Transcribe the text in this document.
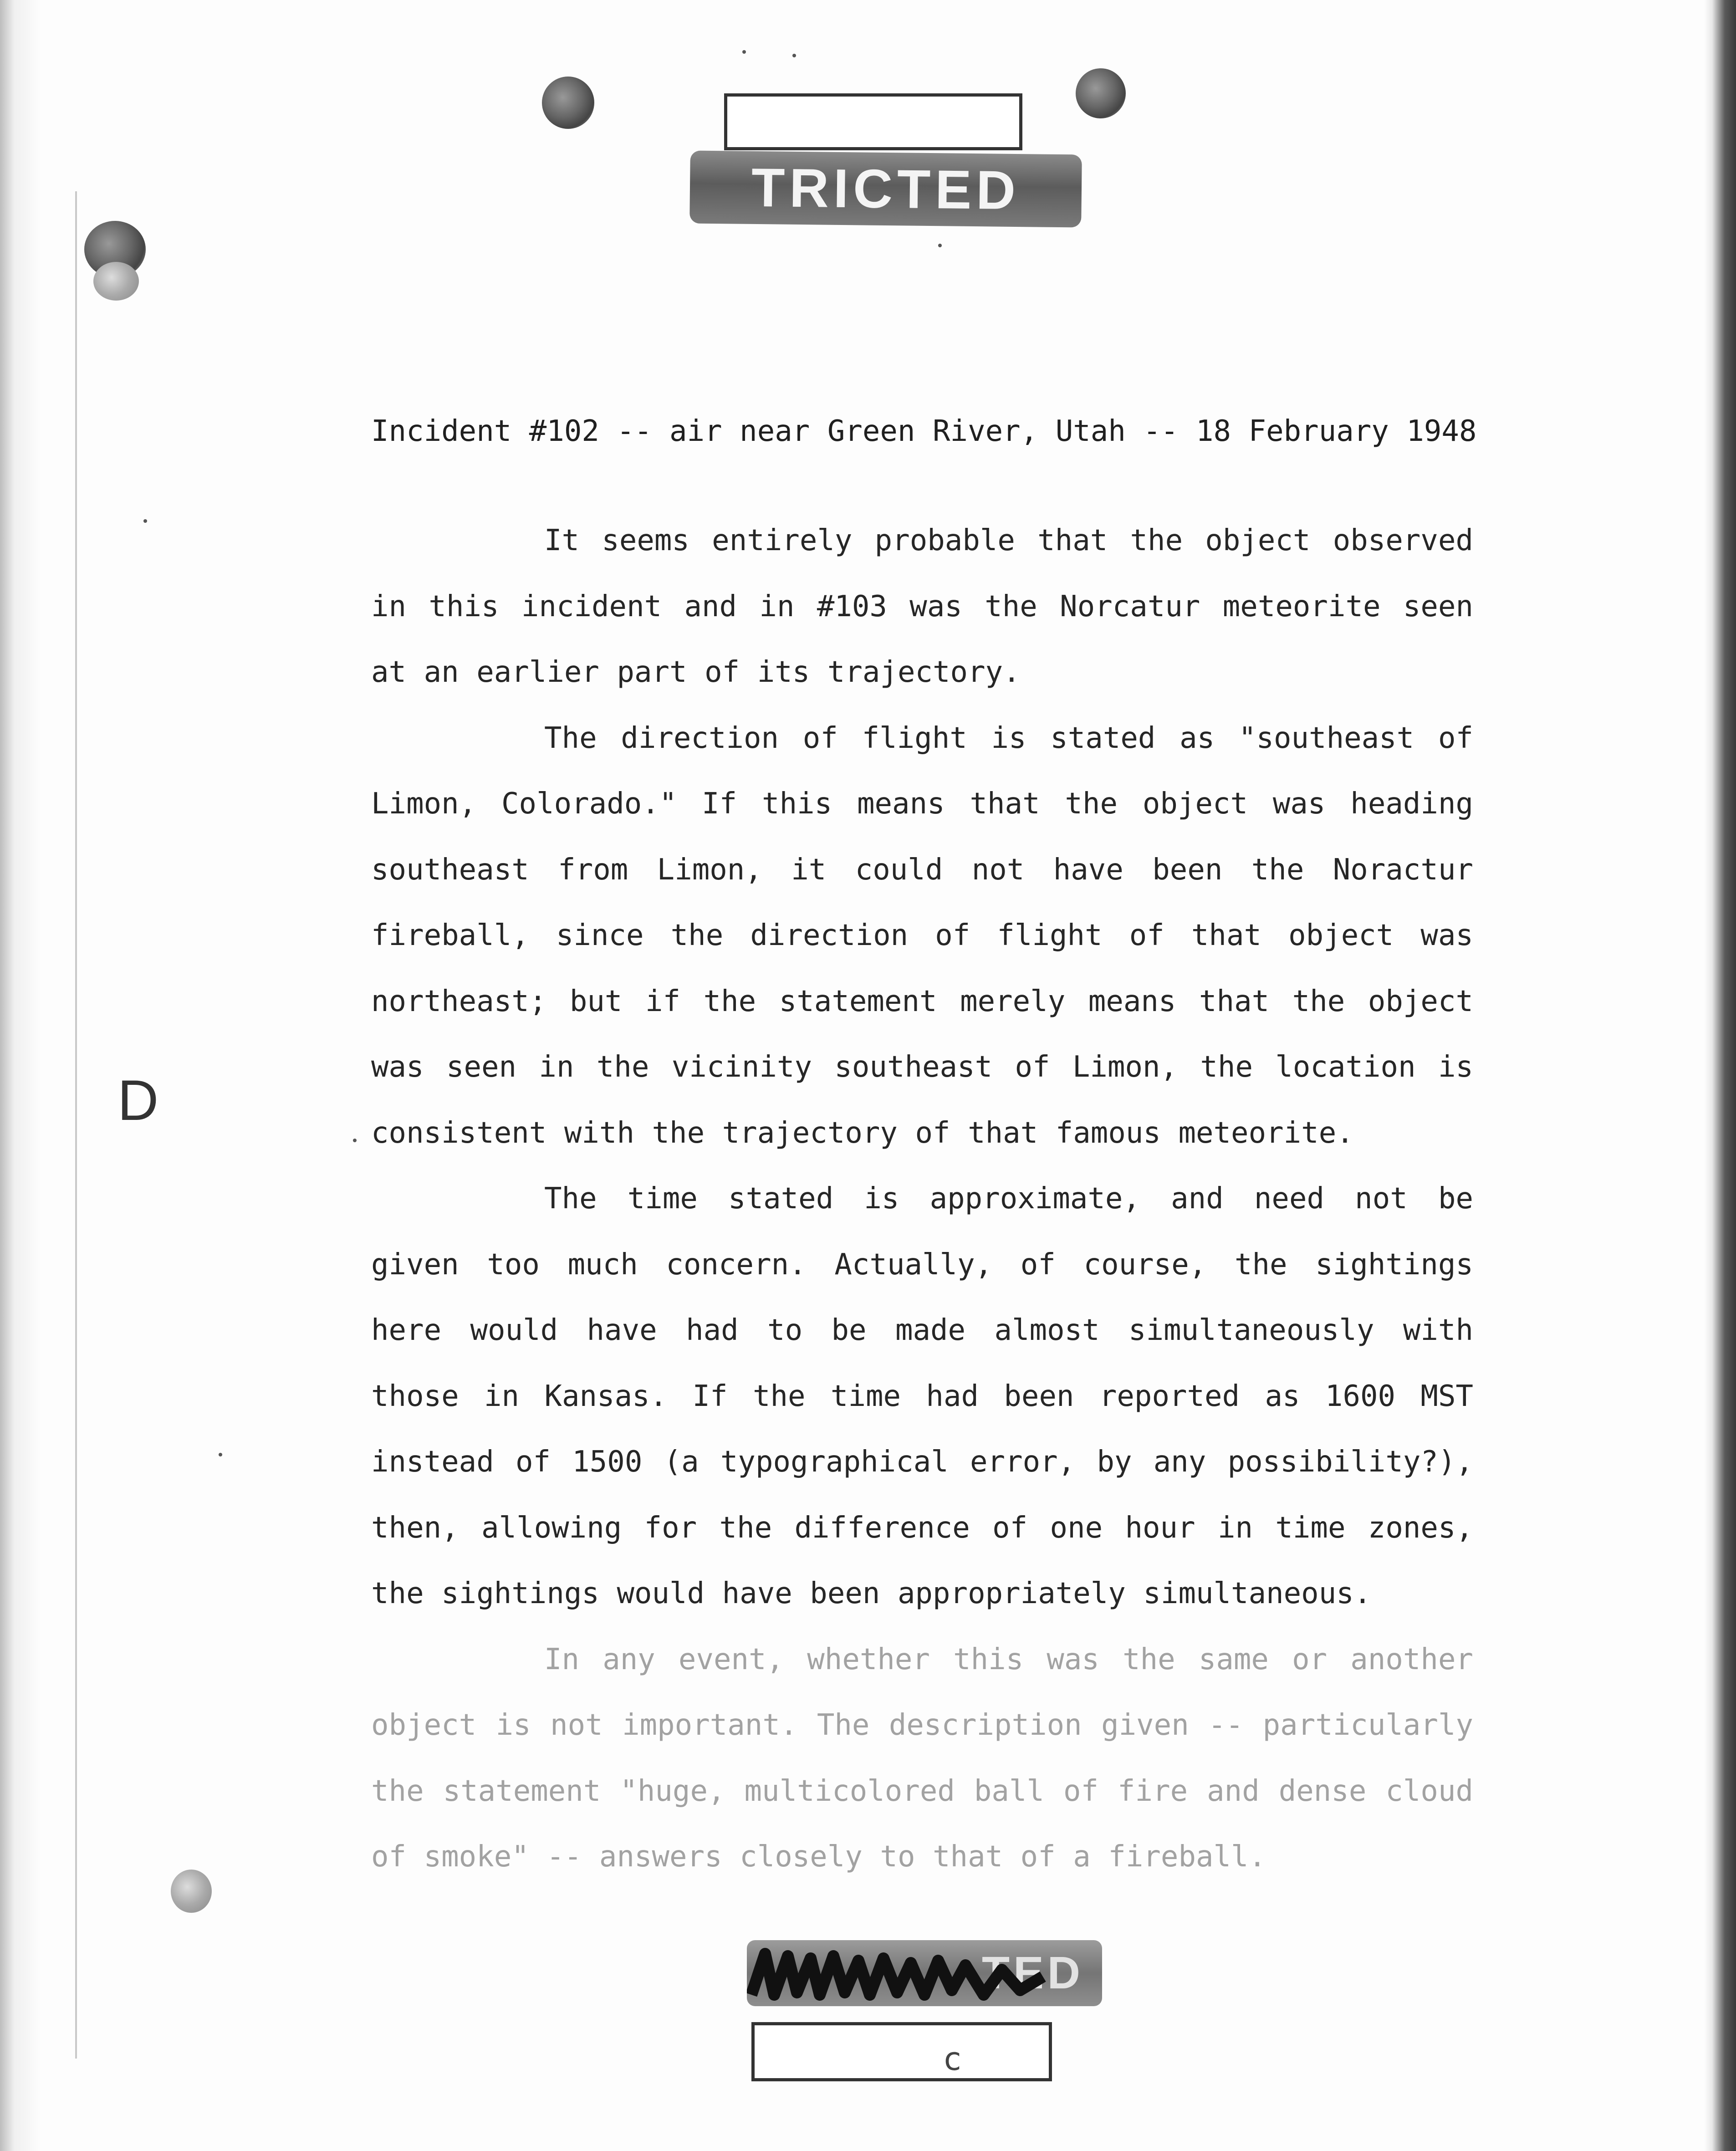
TRICTED
D
Incident #102 -- air near Green River, Utah -- 18 February 1948

It seems entirely probable that the object observed in this incident and in #103 was the Norcatur meteorite seen at an earlier part of its trajectory.

The direction of flight is stated as "southeast of Limon, Colorado." If this means that the object was heading southeast from Limon, it could not have been the Noractur fireball, since the direction of flight of that object was northeast; but if the statement merely means that the object was seen in the vicinity southeast of Limon, the location is consistent with the trajectory of that famous meteorite.

The time stated is approximate, and need not be given too much concern. Actually, of course, the sightings here would have had to be made almost simultaneously with those in Kansas. If the time had been reported as 1600 MST instead of 1500 (a typographical error, by any possibility?), then, allowing for the difference of one hour in time zones, the sightings would have been appropriately simultaneous.

In any event, whether this was the same or another object is not important. The description given -- particularly the statement "huge, multicolored ball of fire and dense cloud of smoke" -- answers closely to that of a fireball.

TED
c
